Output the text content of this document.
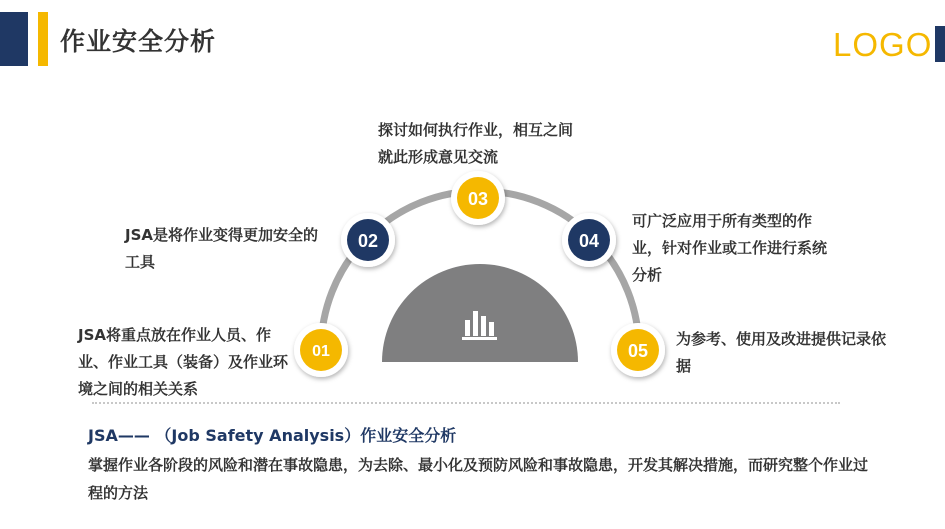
作业安全分析	LOGO
01
02
03
04
05
JSA将重点放在作业人员、作业、作业工具（装备）及作业环境之间的相关关系
JSA是将作业变得更加安全的工具
探讨如何执行作业，相互之间就此形成意见交流
可广泛应用于所有类型的作业，针对作业或工作进行系统分析
为参考、使用及改进提供记录依据
JSA—— （Job Safety Analysis）作业安全分析
掌握作业各阶段的风险和潜在事故隐患，为去除、最小化及预防风险和事故隐患，开发其解决措施，而研究整个作业过程的方法
